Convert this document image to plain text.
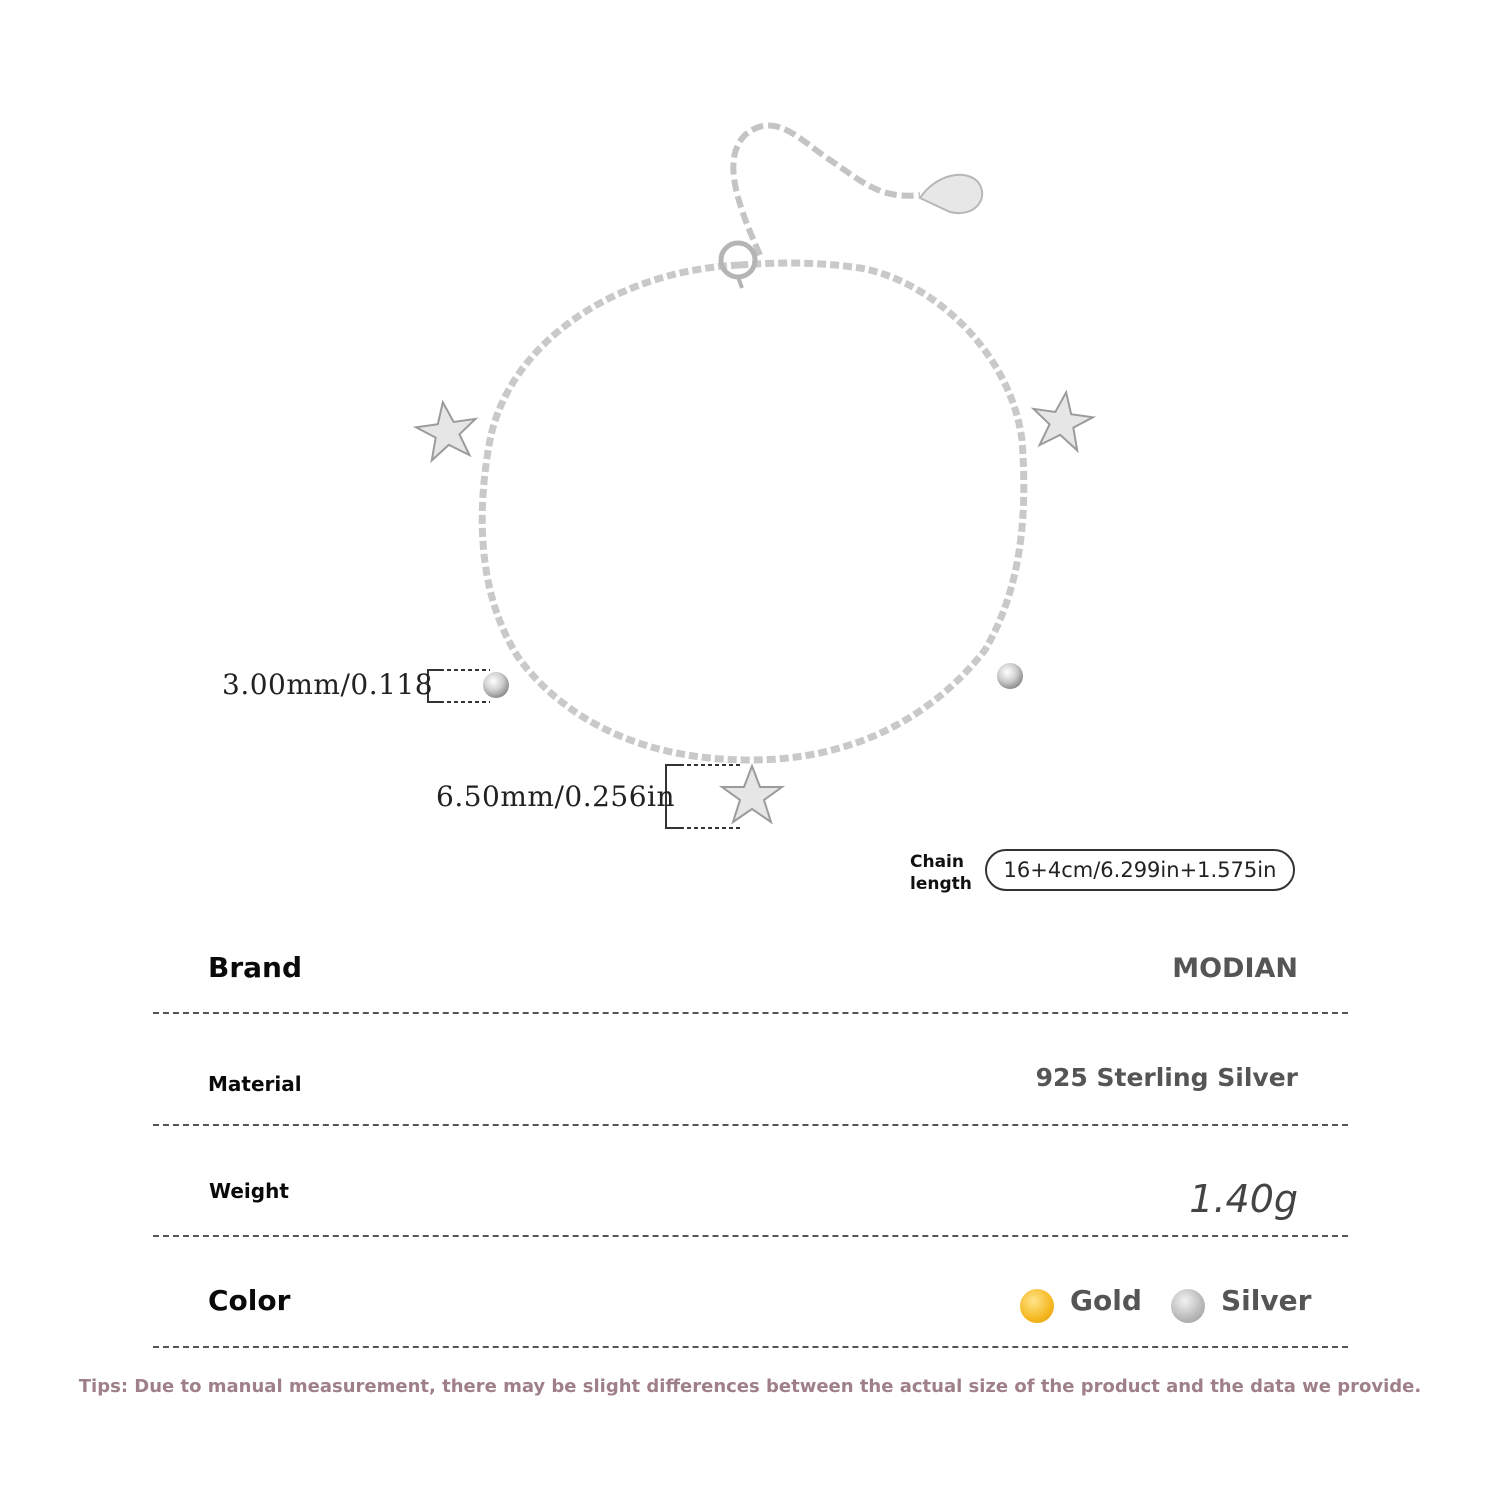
3.00mm/0.118
6.50mm/0.256in
Chain
length
16+4cm/6.299in+1.575in
Brand	MODIAN
Material	925 Sterling Silver
Weight	1.40g
Color	Gold	Silver
Tips: Due to manual measurement, there may be slight differences between the actual size of the product and the data we provide.
